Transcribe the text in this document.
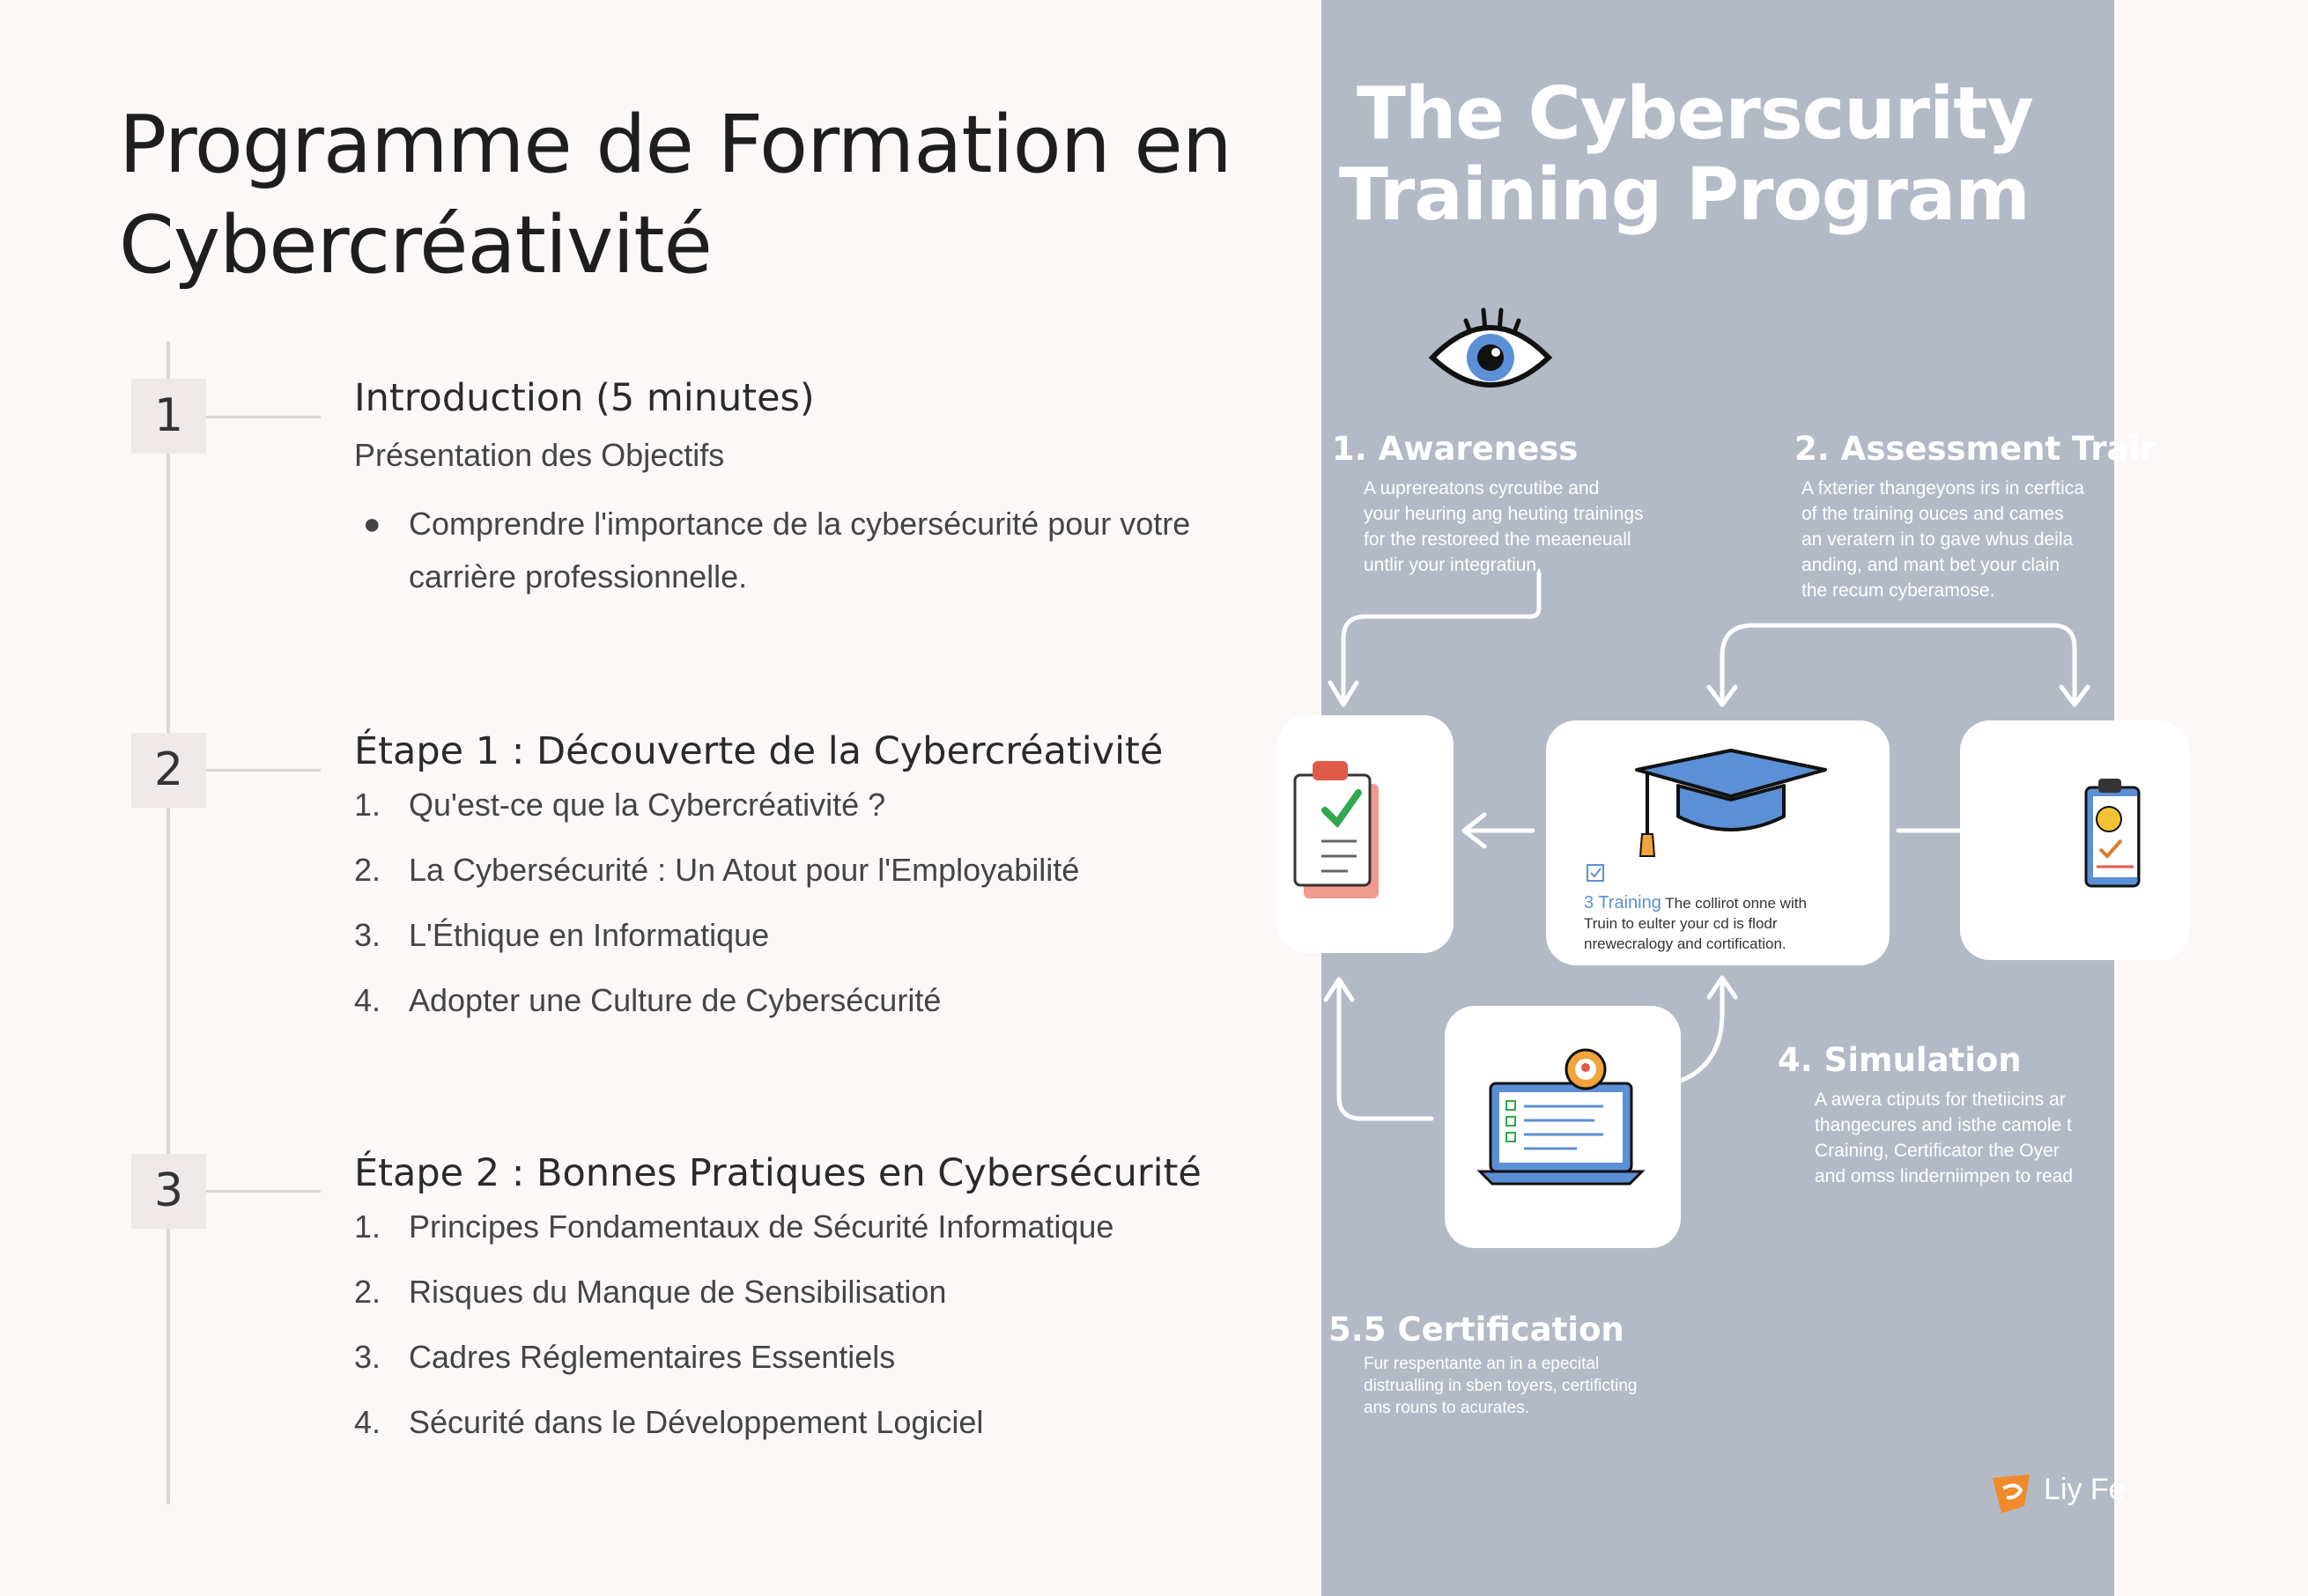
Programme de Formation en Cybercréativité
1	Introduction (5 minutes)

Présentation des Objectifs

● Comprendre l'importance de la cybersécurité pour votre carrière professionnelle.
2	Étape 1 : Découverte de la Cybercréativité
1. Qu'est-ce que la Cybercréativité ?
2. La Cybersécurité : Un Atout pour l'Employabilité
3. L'Éthique en Informatique
4. Adopter une Culture de Cybersécurité
3	Étape 2 : Bonnes Pratiques en Cybersécurité
1. Principes Fondamentaux de Sécurité Informatique
2. Risques du Manque de Sensibilisation
3. Cadres Réglementaires Essentiels
4. Sécurité dans le Développement Logiciel
The Cyberscurity
Training Program
1. Awareness
A ɯprereatons cyrcutibe and
your heuring ang heuting trainings
for the restoreed the meaeneuall
untlir your integratiun.
2. Assessment Trair
A fxterier thangeyons irs in cerftica
of the training ouces and cames
an veratern in to gave whus deila
anding, and mant bet your clain
the recum cyberamose.
3 Training The collirot onne with
Truin to eulter your cd is flodr
nrewecralogy and cortification.
4. Simulation
A awera ctiputs for thetiicins ar
thangecures and isthe camole t
Craining, Certificator the Oyer
and omss linderniimpen to read
5.5 Certification
Fur respentante an in a epecital
distrualling in sben toyers, certificting
ans rouns to acurates.
Liy Fe
